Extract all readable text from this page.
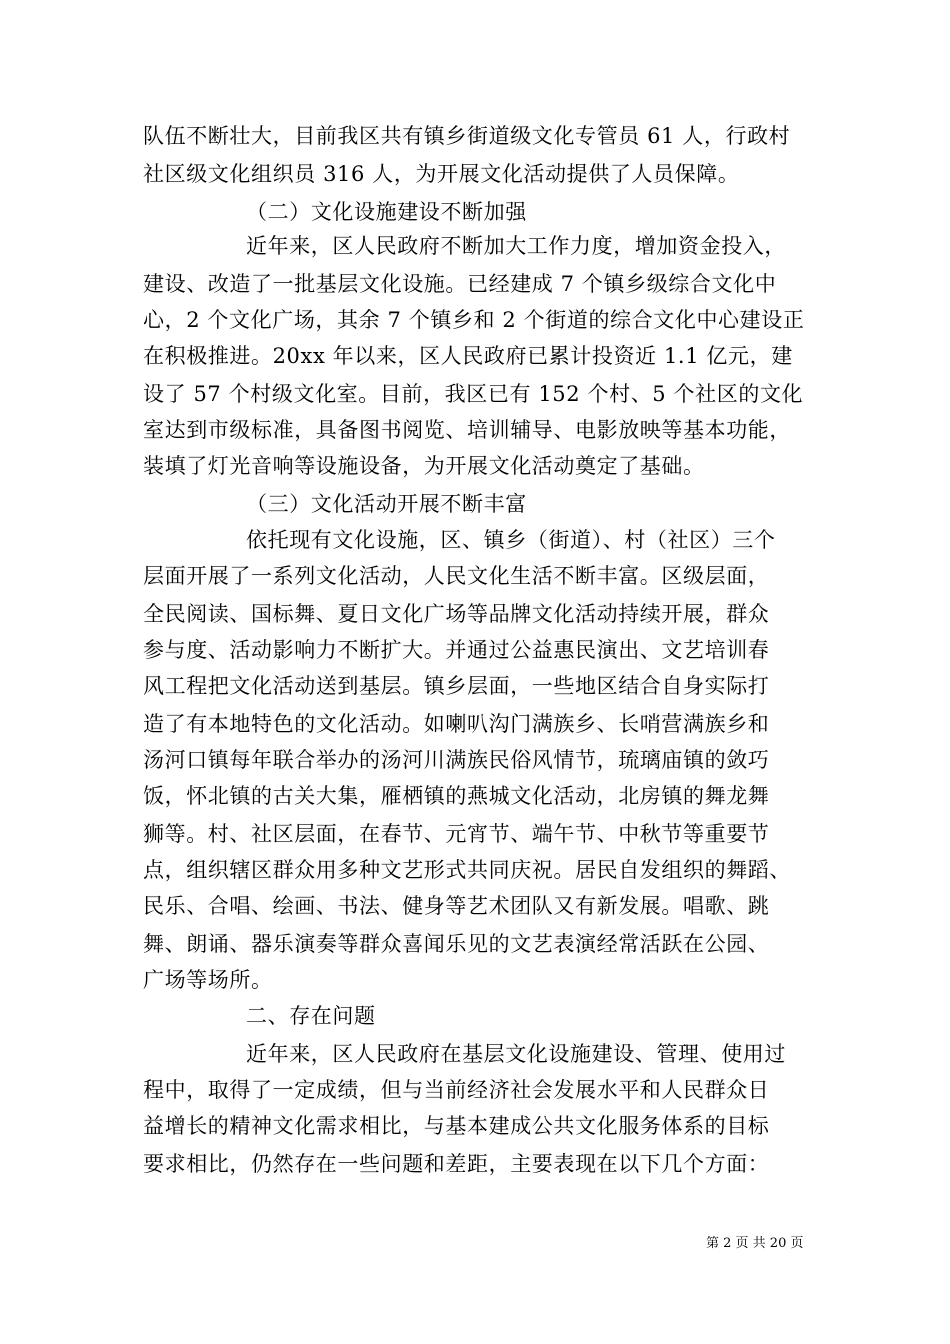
队伍不断壮大，目前我区共有镇乡街道级文化专管员 61 人，行政村
社区级文化组织员 316 人，为开展文化活动提供了人员保障。
（二）文化设施建设不断加强
近年来，区人民政府不断加大工作力度，增加资金投入，
建设、改造了一批基层文化设施。已经建成 7 个镇乡级综合文化中
心，2 个文化广场，其余 7 个镇乡和 2 个街道的综合文化中心建设正
在积极推进。20xx 年以来，区人民政府已累计投资近 1.1 亿元，建
设了 57 个村级文化室。目前，我区已有 152 个村、5 个社区的文化
室达到市级标准，具备图书阅览、培训辅导、电影放映等基本功能，
装填了灯光音响等设施设备，为开展文化活动奠定了基础。
（三）文化活动开展不断丰富
依托现有文化设施，区、镇乡（街道）、村（社区）三个
层面开展了一系列文化活动，人民文化生活不断丰富。区级层面，
全民阅读、国标舞、夏日文化广场等品牌文化活动持续开展，群众
参与度、活动影响力不断扩大。并通过公益惠民演出、文艺培训春
风工程把文化活动送到基层。镇乡层面，一些地区结合自身实际打
造了有本地特色的文化活动。如喇叭沟门满族乡、长哨营满族乡和
汤河口镇每年联合举办的汤河川满族民俗风情节，琉璃庙镇的敛巧
饭，怀北镇的古关大集，雁栖镇的燕城文化活动，北房镇的舞龙舞
狮等。村、社区层面，在春节、元宵节、端午节、中秋节等重要节
点，组织辖区群众用多种文艺形式共同庆祝。居民自发组织的舞蹈、
民乐、合唱、绘画、书法、健身等艺术团队又有新发展。唱歌、跳
舞、朗诵、器乐演奏等群众喜闻乐见的文艺表演经常活跃在公园、
广场等场所。
二、存在问题
近年来，区人民政府在基层文化设施建设、管理、使用过
程中，取得了一定成绩，但与当前经济社会发展水平和人民群众日
益增长的精神文化需求相比，与基本建成公共文化服务体系的目标
要求相比，仍然存在一些问题和差距，主要表现在以下几个方面：
第 2 页 共 20 页
